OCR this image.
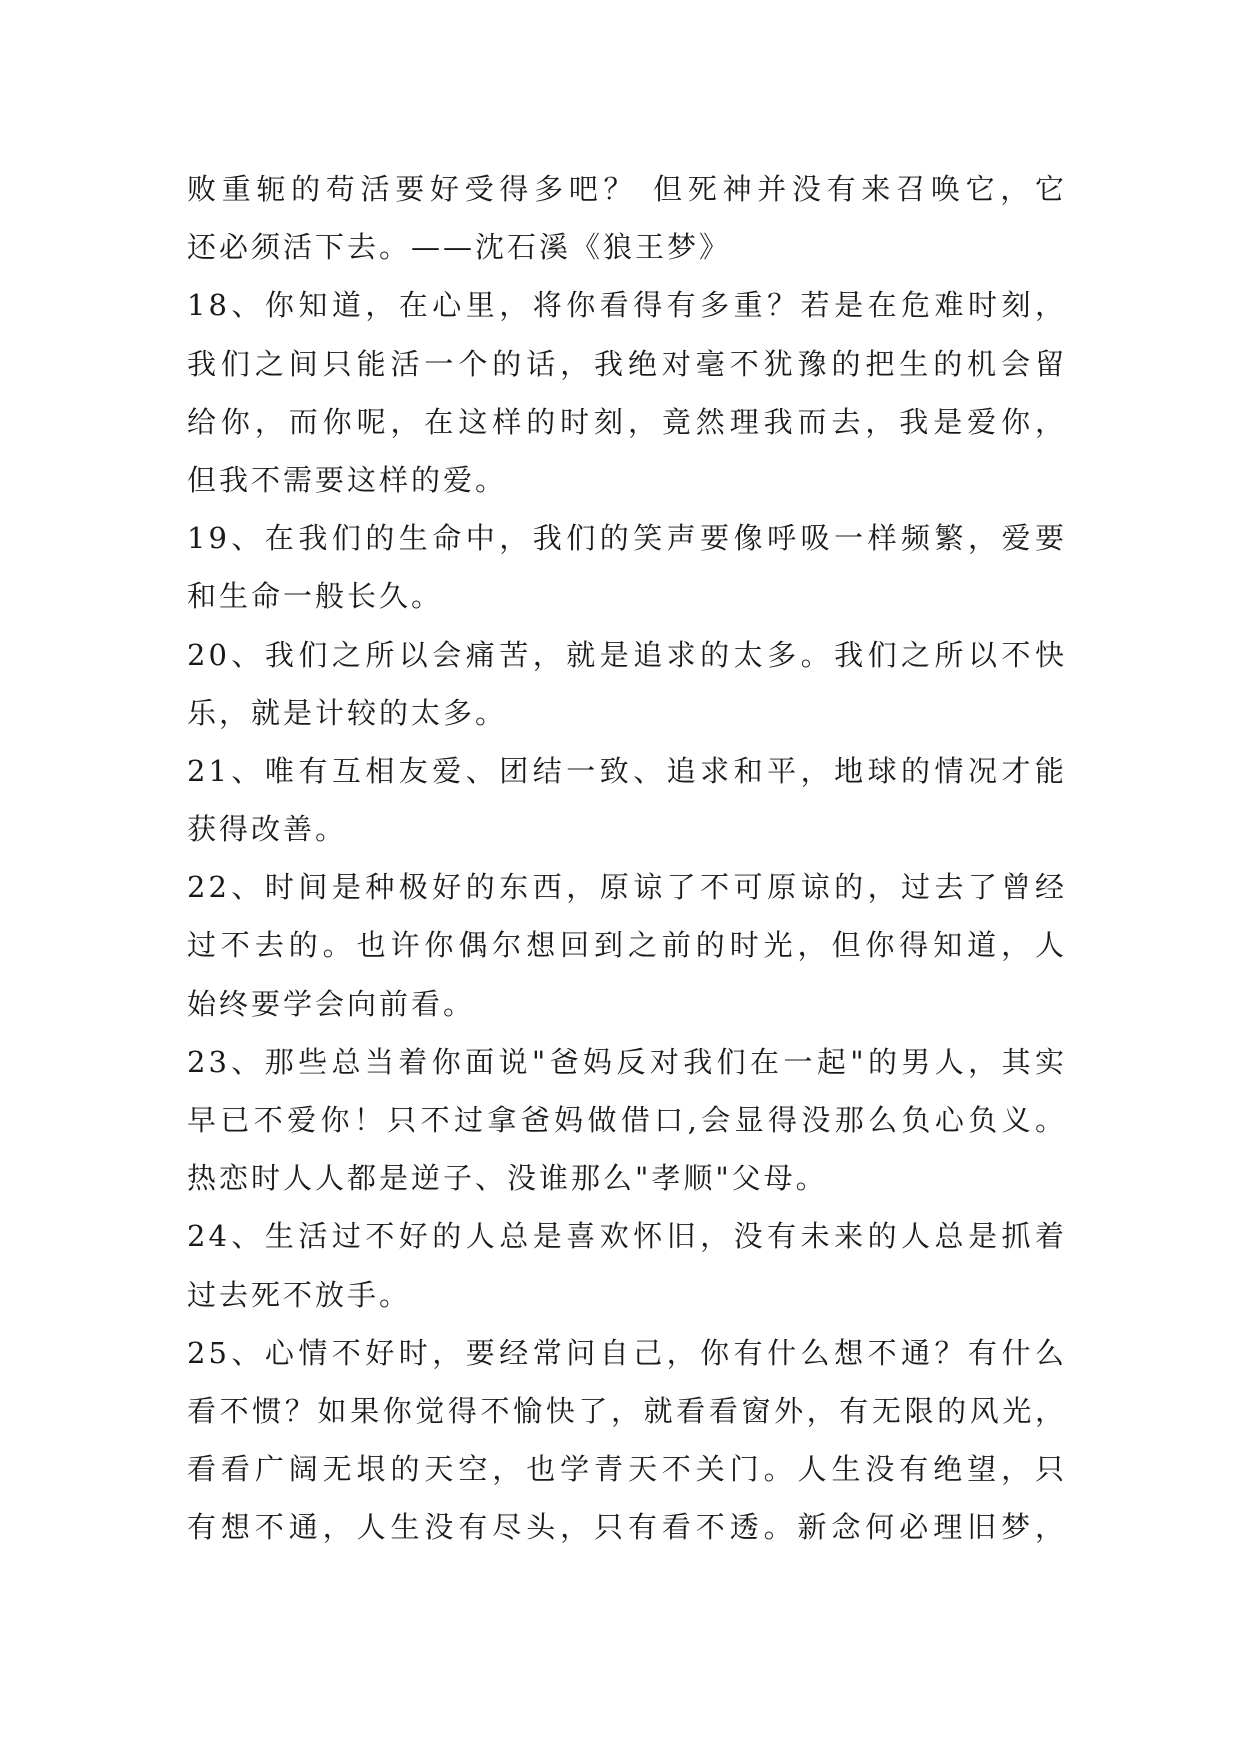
败重轭的苟活要好受得多吧？ 但死神并没有来召唤它，它
还必须活下去。——沈石溪《狼王梦》
18、你知道，在心里，将你看得有多重？若是在危难时刻，
我们之间只能活一个的话，我绝对毫不犹豫的把生的机会留
给你，而你呢，在这样的时刻，竟然理我而去，我是爱你，
但我不需要这样的爱。
19、在我们的生命中，我们的笑声要像呼吸一样频繁，爱要
和生命一般长久。
20、我们之所以会痛苦，就是追求的太多。我们之所以不快
乐，就是计较的太多。
21、唯有互相友爱、团结一致、追求和平，地球的情况才能
获得改善。
22、时间是种极好的东西，原谅了不可原谅的，过去了曾经
过不去的。也许你偶尔想回到之前的时光，但你得知道，人
始终要学会向前看。
23、那些总当着你面说"爸妈反对我们在一起"的男人，其实
早已不爱你！只不过拿爸妈做借口,会显得没那么负心负义。
热恋时人人都是逆子、没谁那么"孝顺"父母。
24、生活过不好的人总是喜欢怀旧，没有未来的人总是抓着
过去死不放手。
25、心情不好时，要经常问自己，你有什么想不通？有什么
看不惯？如果你觉得不愉快了，就看看窗外，有无限的风光，
看看广阔无垠的天空，也学青天不关门。人生没有绝望，只
有想不通，人生没有尽头，只有看不透。新念何必理旧梦，
